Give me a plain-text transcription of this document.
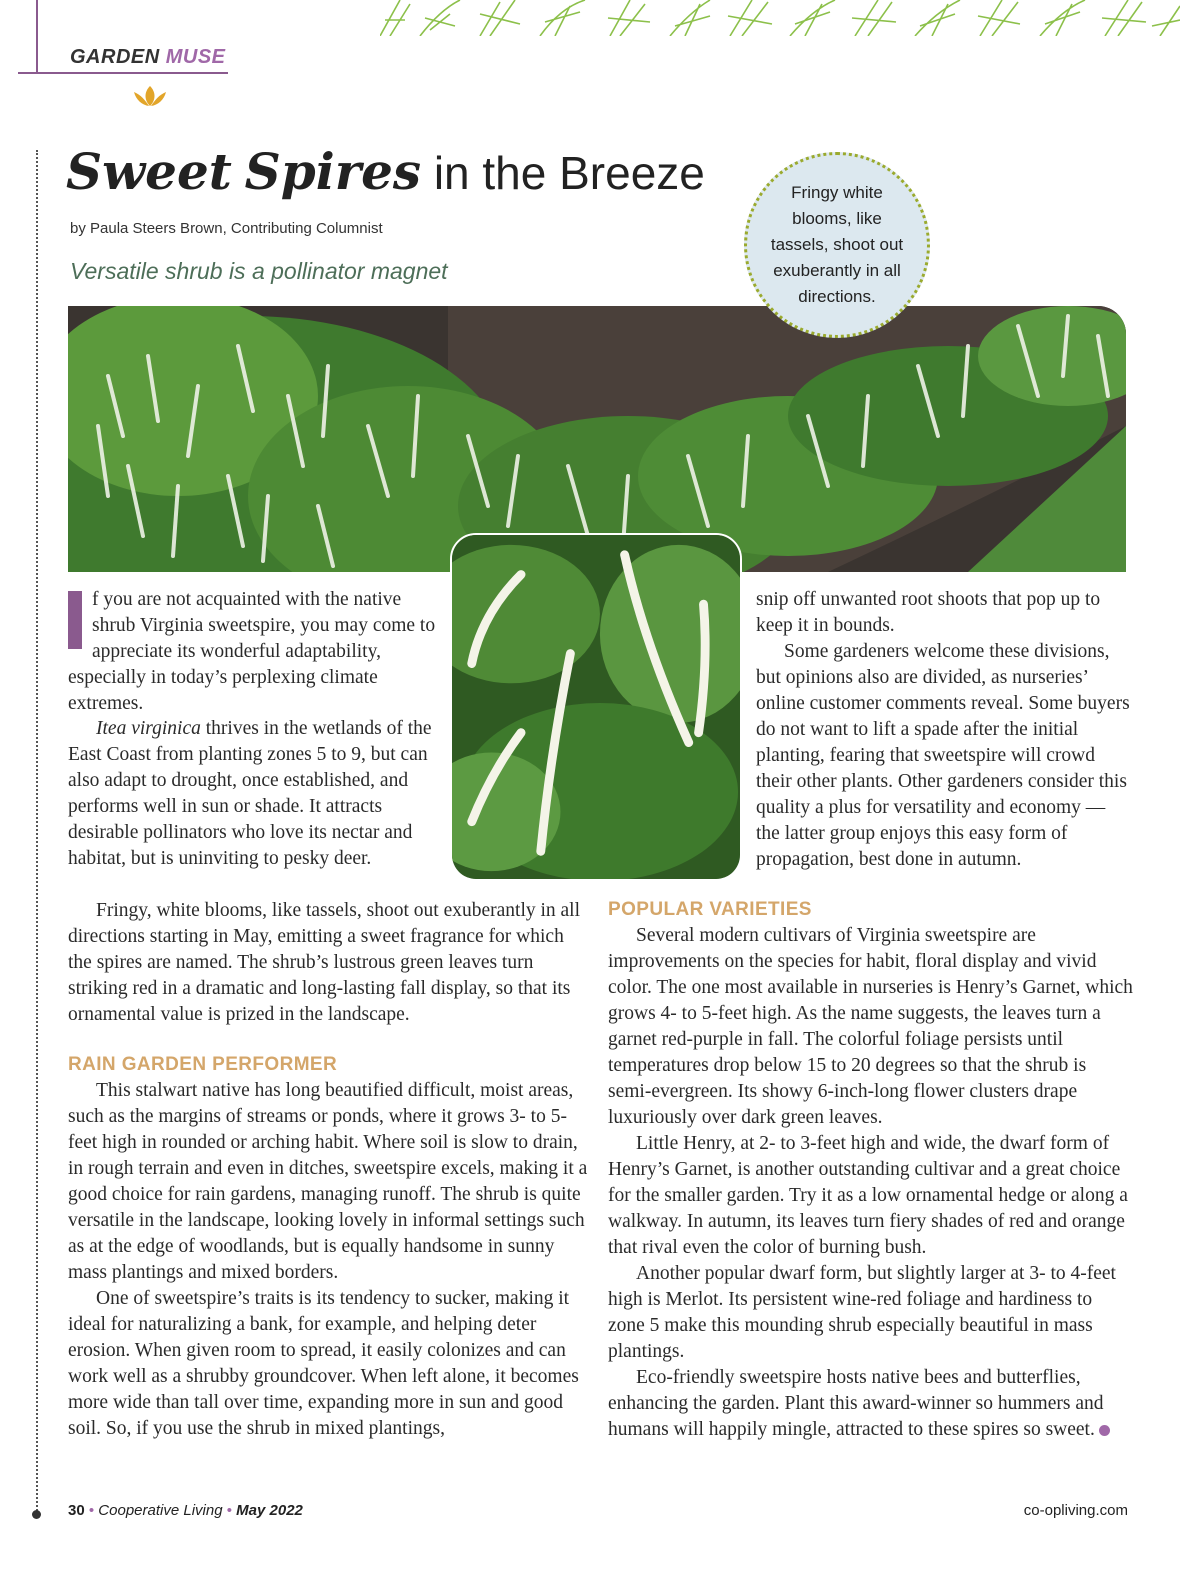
GARDEN MUSE
Sweet Spires in the Breeze
by Paula Steers Brown, Contributing Columnist
Versatile shrub is a pollinator magnet
Fringy white blooms, like tassels, shoot out exuberantly in all directions.

I	f you are not acquainted with the native shrub Virginia sweetspire, you may come to appreciate its wonderful adaptability, especially in today’s perplexing climate extremes.

Itea virginica thrives in the wetlands of the East Coast from planting zones 5 to 9, but can also adapt to drought, once established, and performs well in sun or shade. It attracts desirable pollinators who love its nectar and habitat, but is uninviting to pesky deer.

Fringy, white blooms, like tassels, shoot out exuberantly in all directions starting in May, emitting a sweet fragrance for which the spires are named. The shrub’s lustrous green leaves turn striking red in a dramatic and long-lasting fall display, so that its ornamental value is prized in the landscape.

RAIN GARDEN PERFORMER

This stalwart native has long beautified difficult, moist areas, such as the margins of streams or ponds, where it grows 3- to 5-feet high in rounded or arching habit. Where soil is slow to drain, in rough terrain and even in ditches, sweetspire excels, making it a good choice for rain gardens, managing runoff. The shrub is quite versatile in the landscape, looking lovely in informal settings such as at the edge of woodlands, but is equally handsome in sunny mass plantings and mixed borders.

One of sweetspire’s traits is its tendency to sucker, making it ideal for naturalizing a bank, for example, and helping deter erosion. When given room to spread, it easily colonizes and can work well as a shrubby groundcover. When left alone, it becomes more wide than tall over time, expanding more in sun and good soil. So, if you use the shrub in mixed plantings,

snip off unwanted root shoots that pop up to keep it in bounds.

Some gardeners welcome these divisions, but opinions also are divided, as nurseries’ online customer comments reveal. Some buyers do not want to lift a spade after the initial planting, fearing that sweetspire will crowd their other plants. Other gardeners consider this quality a plus for versatility and economy — the latter group enjoys this easy form of propagation, best done in autumn.

POPULAR VARIETIES

Several modern cultivars of Virginia sweetspire are improvements on the species for habit, floral display and vivid color. The one most available in nurseries is Henry’s Garnet, which grows 4- to 5-feet high. As the name suggests, the leaves turn a garnet red-purple in fall. The colorful foliage persists until temperatures drop below 15 to 20 degrees so that the shrub is semi-evergreen. Its showy 6-inch-long flower clusters drape luxuriously over dark green leaves.

Little Henry, at 2- to 3-feet high and wide, the dwarf form of Henry’s Garnet, is another outstanding cultivar and a great choice for the smaller garden. Try it as a low ornamental hedge or along a walkway. In autumn, its leaves turn fiery shades of red and orange that rival even the color of burning bush.

Another popular dwarf form, but slightly larger at 3- to 4-feet high is Merlot. Its persistent wine-red foliage and hardiness to zone 5 make this mounding shrub especially beautiful in mass plantings.

Eco-friendly sweetspire hosts native bees and butterflies, enhancing the garden. Plant this award-winner so hummers and humans will happily mingle, attracted to these spires so sweet.

30 • Cooperative Living • May 2022	co-opliving.com
